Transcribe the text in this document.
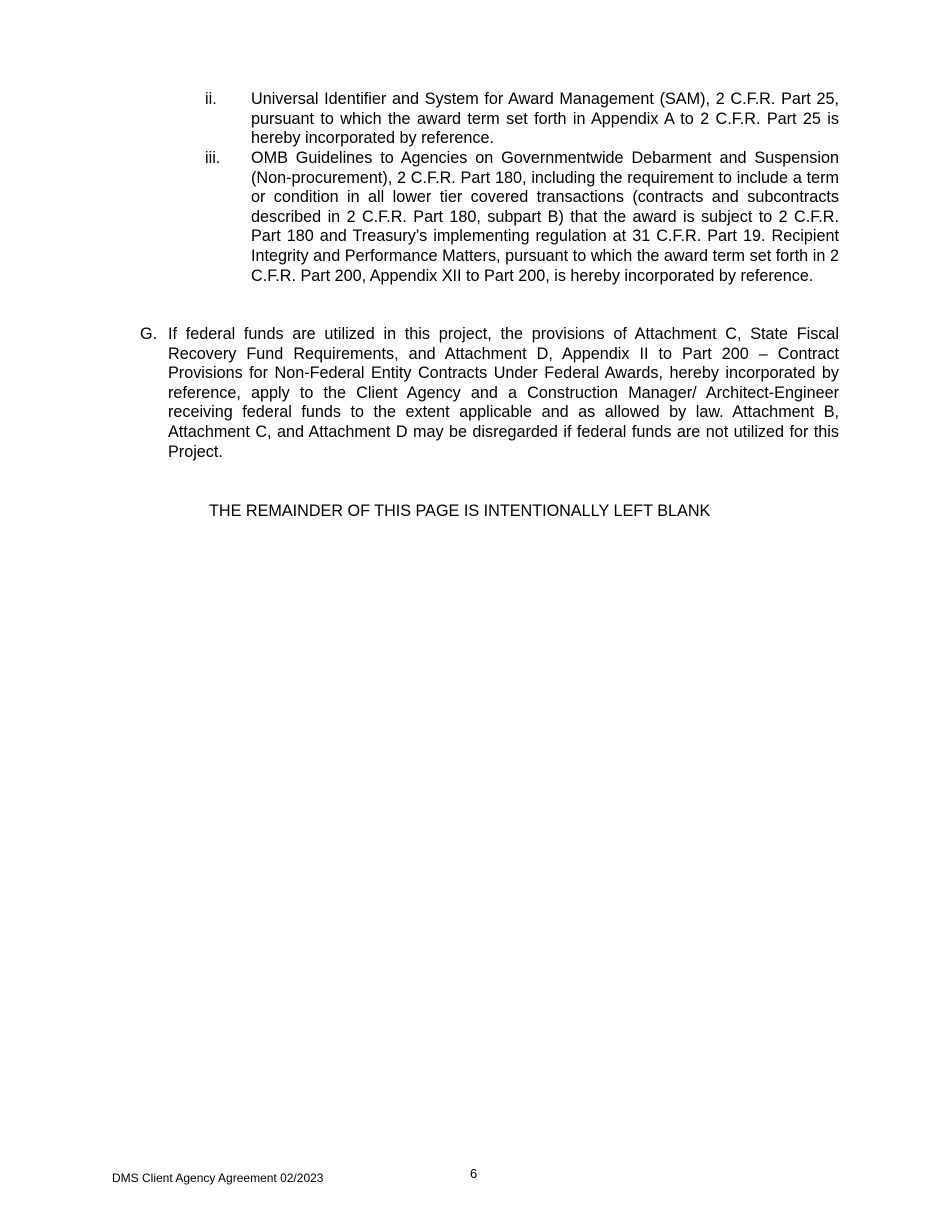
ii.	Universal Identifier and System for Award Management (SAM), 2 C.F.R. Part 25, pursuant to which the award term set forth in Appendix A to 2 C.F.R. Part 25 is hereby incorporated by reference.
iii.	OMB Guidelines to Agencies on Governmentwide Debarment and Suspension (Non-procurement), 2 C.F.R. Part 180, including the requirement to include a term or condition in all lower tier covered transactions (contracts and subcontracts described in 2 C.F.R. Part 180, subpart B) that the award is subject to 2 C.F.R. Part 180 and Treasury’s implementing regulation at 31 C.F.R. Part 19. Recipient Integrity and Performance Matters, pursuant to which the award term set forth in 2 C.F.R. Part 200, Appendix XII to Part 200, is hereby incorporated by reference.
G. If federal funds are utilized in this project, the provisions of Attachment C, State Fiscal Recovery Fund Requirements, and Attachment D, Appendix II to Part 200 – Contract Provisions for Non-Federal Entity Contracts Under Federal Awards, hereby incorporated by reference, apply to the Client Agency and a Construction Manager/ Architect-Engineer receiving federal funds to the extent applicable and as allowed by law. Attachment B, Attachment C, and Attachment D may be disregarded if federal funds are not utilized for this Project.
THE REMAINDER OF THIS PAGE IS INTENTIONALLY LEFT BLANK
DMS Client Agency Agreement 02/2023	6
